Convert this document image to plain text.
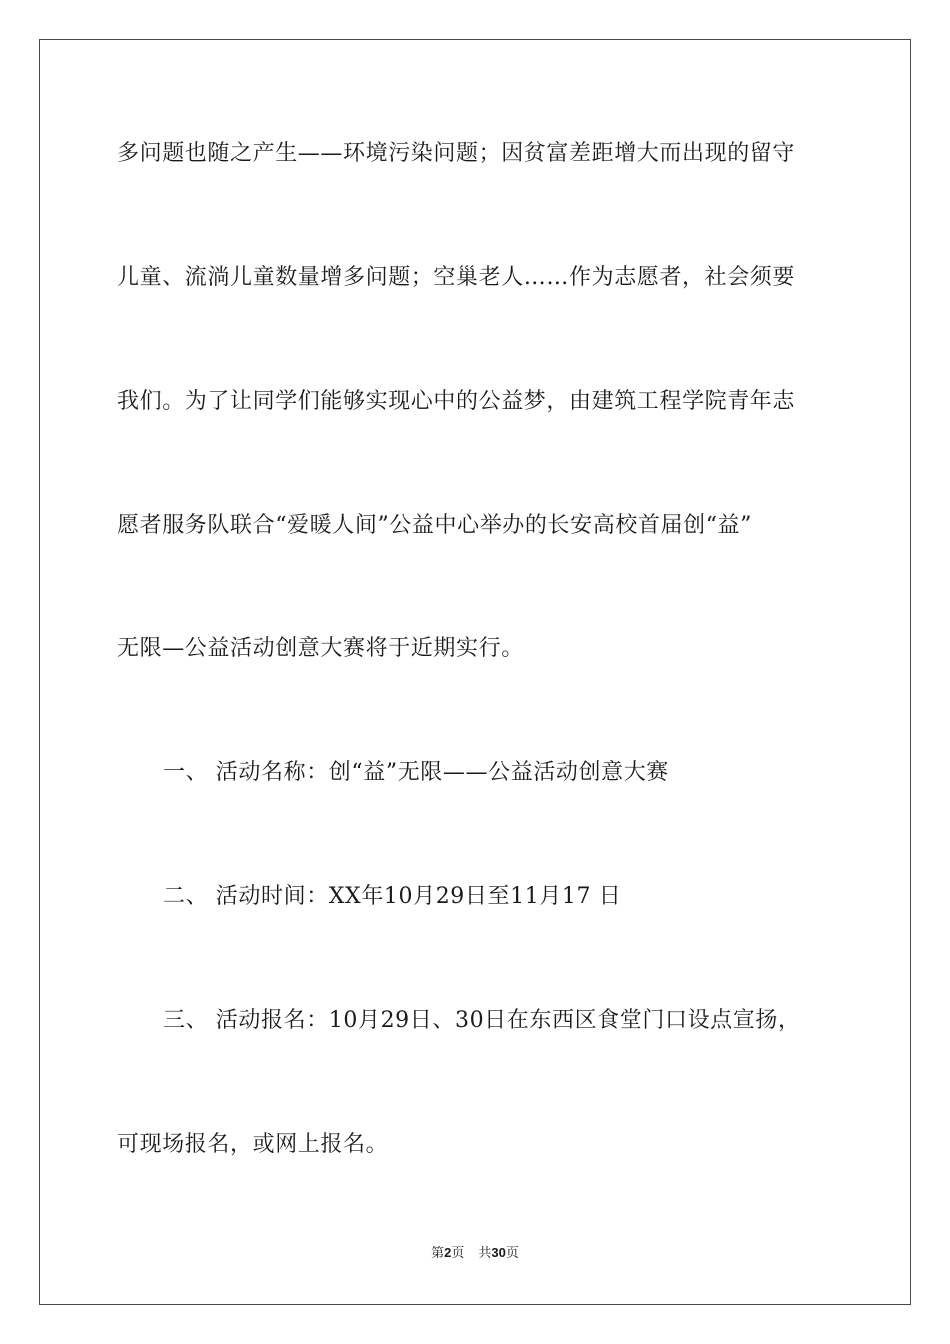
多问题也随之产生——环境污染问题；因贫富差距增大而出现的留守
儿童、流淌儿童数量增多问题；空巢老人……作为志愿者，社会须要
我们。为了让同学们能够实现心中的公益梦，由建筑工程学院青年志
愿者服务队联合“爱暖人间”公益中心举办的长安高校首届创“益”
无限—公益活动创意大赛将于近期实行。
一、 活动名称：创“益”无限——公益活动创意大赛
二、 活动时间：XX年10月29日至11月17 日
三、 活动报名：10月29日、30日在东西区食堂门口设点宣扬，
可现场报名，或网上报名。
第2页 共30页
